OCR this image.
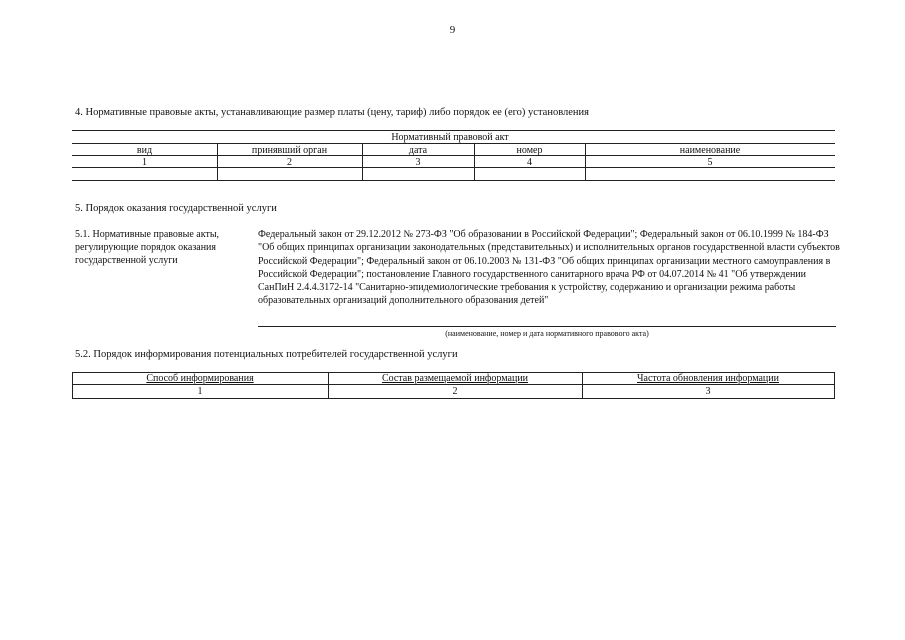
9
4. Нормативные правовые акты, устанавливающие размер платы (цену, тариф) либо порядок ее (его) установления
Нормативный правовой акт
вид	принявший орган	дата	номер	наименование
1	2	3	4	5
5. Порядок оказания государственной услуги
5.1. Нормативные правовые акты, регулирующие порядок оказания государственной услуги
Федеральный закон от 29.12.2012 № 273-ФЗ "Об образовании в Российской Федерации"; Федеральный закон от 06.10.1999 № 184-ФЗ "Об общих принципах организации законодательных (представительных) и исполнительных органов государственной власти субъектов Российской Федерации"; Федеральный закон от 06.10.2003 № 131-ФЗ "Об общих принципах организации местного самоуправления в Российской Федерации"; постановление Главного государственного санитарного врача РФ от 04.07.2014 № 41 "Об утверждении СанПиН 2.4.4.3172-14 "Санитарно-эпидемиологические требования к устройству, содержанию и организации режима работы образовательных организаций дополнительного образования детей"
(наименование, номер и дата нормативного правового акта)
5.2. Порядок информирования потенциальных потребителей государственной услуги
Способ информирования	Состав размещаемой информации	Частота обновления информации
1	2	3
